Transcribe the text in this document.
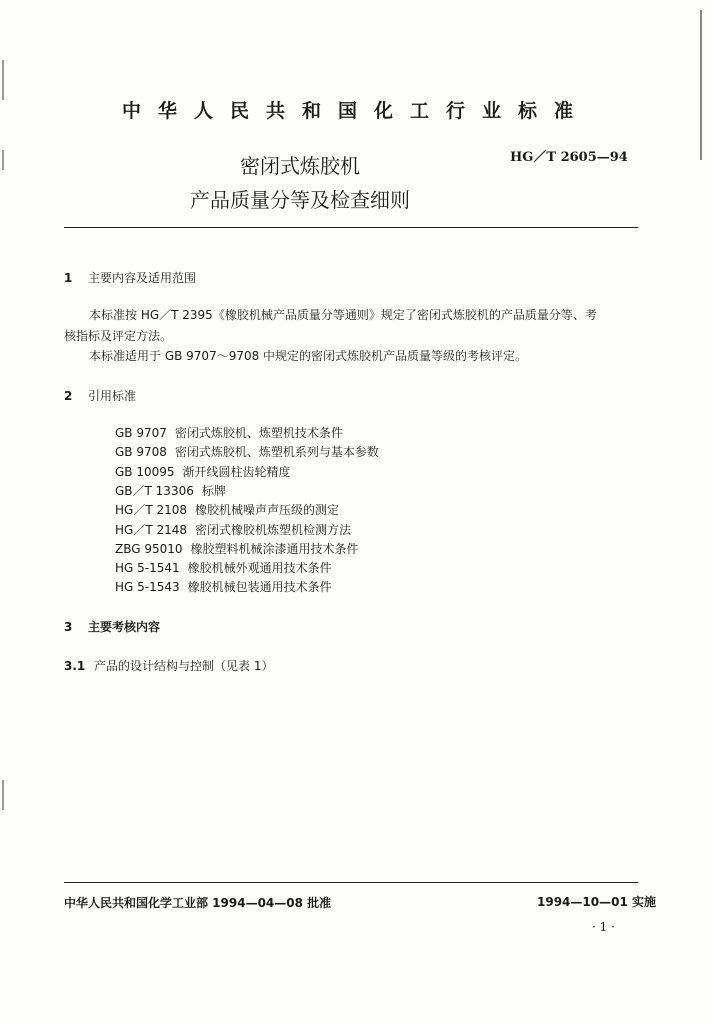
中华人民共和国化工行业标准
HG／T 2605—94
密闭式炼胶机
产品质量分等及检查细则
1 主要内容及适用范围
本标准按 HG／T 2395《橡胶机械产品质量分等通则》规定了密闭式炼胶机的产品质量分等、考
核指标及评定方法。
本标准适用于 GB 9707～9708 中规定的密闭式炼胶机产品质量等级的考核评定。
2 引用标准
GB 9707 密闭式炼胶机、炼塑机技术条件
GB 9708 密闭式炼胶机、炼塑机系列与基本参数
GB 10095 渐开线圆柱齿轮精度
GB／T 13306 标牌
HG／T 2108 橡胶机械噪声声压级的测定
HG／T 2148 密闭式橡胶机炼塑机检测方法
ZBG 95010 橡胶塑料机械涂漆通用技术条件
HG 5-1541 橡胶机械外观通用技术条件
HG 5-1543 橡胶机械包装通用技术条件
3 主要考核内容
3.1 产品的设计结构与控制（见表 1）
中华人民共和国化学工业部 1994—04—08 批准	1994—10—01 实施
· 1 ·
